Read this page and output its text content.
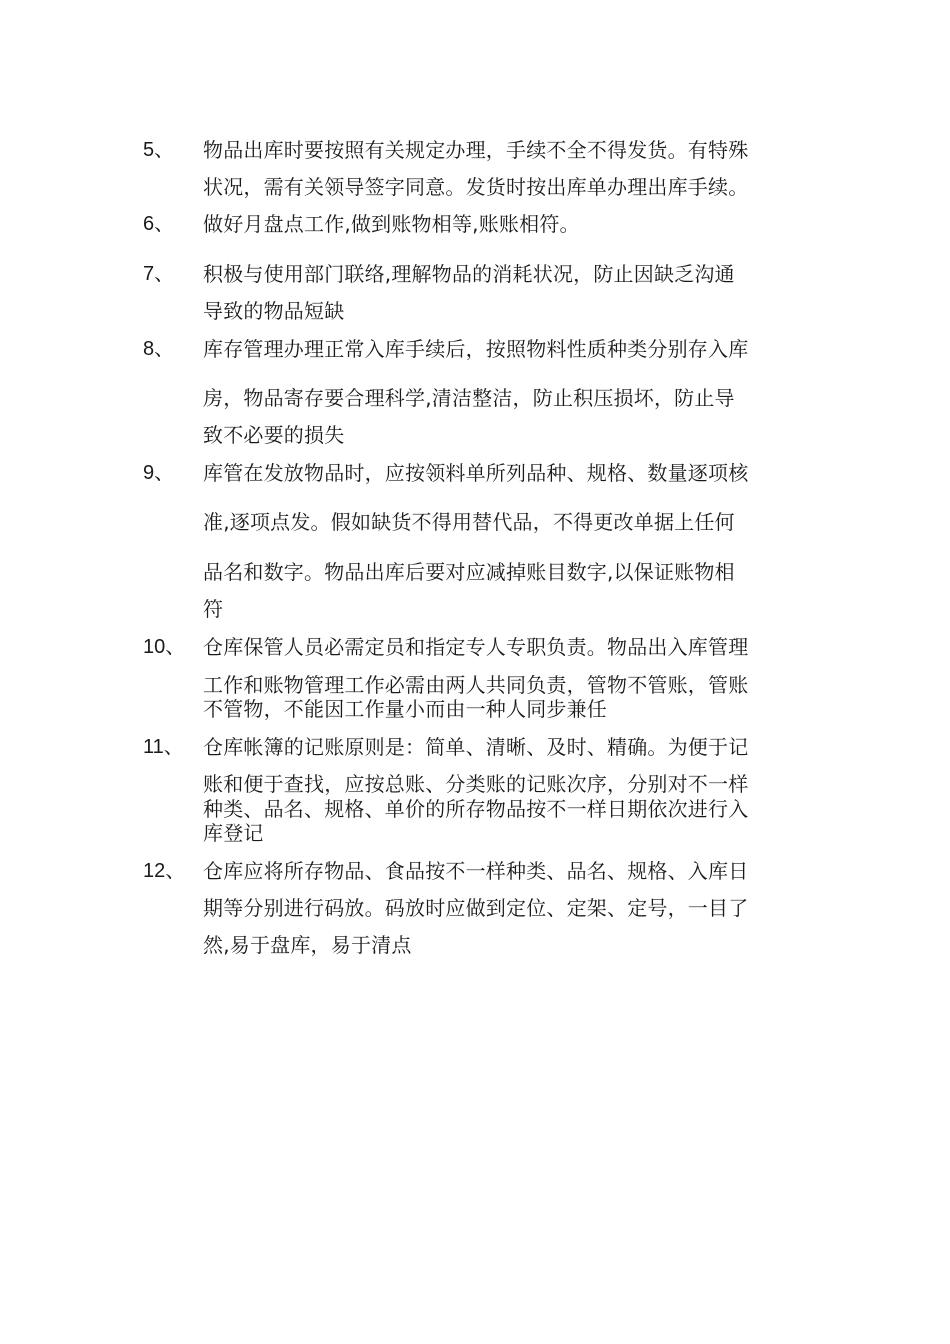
5、 物品出库时要按照有关规定办理，手续不全不得发货。有特殊
状况，需有关领导签字同意。发货时按出库单办理出库手续。
6、 做好月盘点工作,做到账物相等,账账相符。
7、 积极与使用部门联络,理解物品的消耗状况，防止因缺乏沟通
导致的物品短缺
8、 库存管理办理正常入库手续后，按照物料性质种类分别存入库
房，物品寄存要合理科学,清洁整洁，防止积压损坏，防止导
致不必要的损失
9、 库管在发放物品时，应按领料单所列品种、规格、数量逐项核
准,逐项点发。假如缺货不得用替代品，不得更改单据上任何
品名和数字。物品出库后要对应减掉账目数字,以保证账物相
符
10、 仓库保管人员必需定员和指定专人专职负责。物品出入库管理
工作和账物管理工作必需由两人共同负责，管物不管账，管账
不管物，不能因工作量小而由一种人同步兼任
11、 仓库帐簿的记账原则是：简单、清晰、及时、精确。为便于记
账和便于查找，应按总账、分类账的记账次序，分别对不一样
种类、品名、规格、单价的所存物品按不一样日期依次进行入
库登记
12、 仓库应将所存物品、食品按不一样种类、品名、规格、入库日
期等分别进行码放。码放时应做到定位、定架、定号，一目了
然,易于盘库，易于清点
